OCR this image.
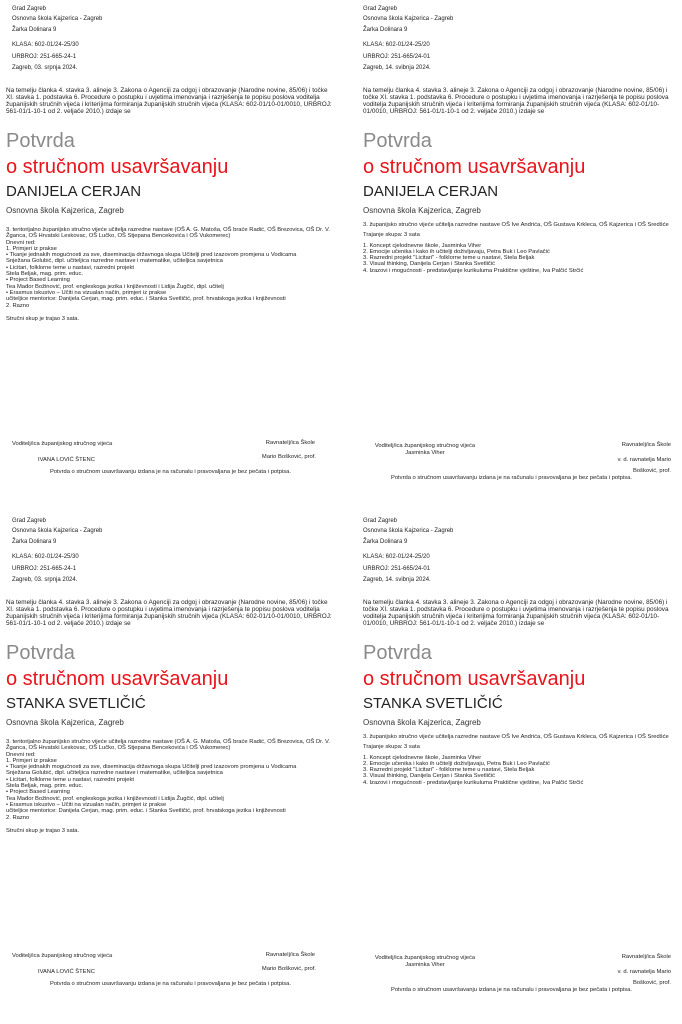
Grad Zagreb
Osnovna škola Kajzerica - Zagreb
Žarka Dolinara 9
KLASA: 602-01/24-25/30
URBROJ: 251-665-24-1
Zagreb, 03. srpnja 2024.
Na temelju članka 4. stavka 3. alineje 3. Zakona o Agenciji za odgoj i obrazovanje (Narodne novine, 85/06) i točke XI. stavka 1. podstavka 6. Procedure o postupku i uvjetima imenovanja i razrješenja te popisu poslova voditelja županijskih stručnih vijeća i kriterijima formiranja županijskih stručnih vijeća (KLASA: 602-01/10-01/0010, URBROJ: 561-01/1-10-1 od 2. veljače 2010.) izdaje se
Potvrda
o stručnom usavršavanju
DANIJELA CERJAN
Osnovna škola Kajzerica, Zagreb
3. teritorijalno županijsko stručno vijeće učitelja razredne nastave (OŠ A. G. Matoša, OŠ braće Radić, OŠ Brezovica, OŠ Dr. V. Žganca, OŠ Hrvatski Leskovac, OŠ Lučko, OŠ Stjepana Bencekovića i OŠ Vukomerec)
Dnevni red:
1. Primjeri iz prakse
• Tkanje jednakih mogućnosti za sve, diseminacija državnoga skupa Učitelji pred izazovom promjena u Vodicama
Snježana Golubić, dipl. učiteljica razredne nastave i matematike, učiteljica savjetnica
• Licitari, folklorne teme u nastavi, razredni projekt
Stela Beljak, mag. prim. educ.
• Project Based Learning
Tea Mađor Božinović, prof. engleskoga jezika i književnosti i Lidija Žugčić, dipl. učitelj
• Erasmus iskustvo – Učiti na vizualan način, primjeri iz prakse
učiteljice mentorice: Danijela Cerjan, mag. prim. educ. i Stanka Svetličić, prof. hrvatskoga jezika i književnosti
2. Razno
Stručni skup je trajao 3 sata.
Voditelj/ica županijskog stručnog vijeća
IVANA LOVIĆ ŠTENC
Ravnatelj/ica Škole
Mario Bošković, prof.
Potvrda o stručnom usavršavanju izdana je na računalu i pravovaljana je bez pečata i potpisa.
Grad Zagreb
Osnovna škola Kajzerica - Zagreb
Žarka Dolinara 9
KLASA: 602-01/24-25/20
URBROJ: 251-665/24-01
Zagreb, 14. svibnja 2024.
Na temelju članka 4. stavka 3. alineje 3. Zakona o Agenciji za odgoj i obrazovanje (Narodne novine, 85/06) i točke XI. stavka 1. podstavka 6. Procedure o postupku i uvjetima imenovanja i razrješenja te popisu poslova voditelja županijskih stručnih vijeća i kriterijima formiranja županijskih stručnih vijeća (KLASA: 602-01/10-01/0010, URBROJ: 561-01/1-10-1 od 2. veljače 2010.) izdaje se
Potvrda
o stručnom usavršavanju
DANIJELA CERJAN
Osnovna škola Kajzerica, Zagreb
3. županijsko stručno vijeće učitelja razredne nastave OŠ Ive Andrića, OŠ Gustava Krkleca, OŠ Kajzerica i OŠ Sredšće
Trajanje skupa: 3 sata
1. Koncept cjelodnevne škole, Jasminka Viher
2. Emocije učenika i kako ih učitelji doživljavaju, Petra Buk i Leo Pavlačić
3. Razredni projekt "Licitari" - folklorne teme u nastavi, Stela Beljak
3. Visual thinking, Danijela Cerjan i Stanka Svetličić
4. Izazovi i mogućnosti - predstavljanje kurikuluma Praktične vještine, Iva Palčić Strčić
Voditelj/ica županijskog stručnog vijeća
Jasminka Viher
Ravnatelj/ica Škole
v. d. ravnatelja Mario Bošković, prof.
Potvrda o stručnom usavršavanju izdana je na računalu i pravovaljana je bez pečata i potpisa.
Grad Zagreb
Osnovna škola Kajzerica - Zagreb
Žarka Dolinara 9
KLASA: 602-01/24-25/30
URBROJ: 251-665-24-1
Zagreb, 03. srpnja 2024.
Na temelju članka 4. stavka 3. alineje 3. Zakona o Agenciji za odgoj i obrazovanje (Narodne novine, 85/06) i točke XI. stavka 1. podstavka 6. Procedure o postupku i uvjetima imenovanja i razrješenja te popisu poslova voditelja županijskih stručnih vijeća i kriterijima formiranja županijskih stručnih vijeća (KLASA: 602-01/10-01/0010, URBROJ: 561-01/1-10-1 od 2. veljače 2010.) izdaje se
Potvrda
o stručnom usavršavanju
STANKA SVETLIČIĆ
Osnovna škola Kajzerica, Zagreb
3. teritorijalno županijsko stručno vijeće učitelja razredne nastave (OŠ A. G. Matoša, OŠ braće Radić, OŠ Brezovica, OŠ Dr. V. Žganca, OŠ Hrvatski Leskovac, OŠ Lučko, OŠ Stjepana Bencekovića i OŠ Vukomerec)
Dnevni red:
1. Primjeri iz prakse
• Tkanje jednakih mogućnosti za sve, diseminacija državnoga skupa Učitelji pred izazovom promjena u Vodicama
Snježana Golubić, dipl. učiteljica razredne nastave i matematike, učiteljica savjetnica
• Licitari, folklorne teme u nastavi, razredni projekt
Stela Beljak, mag. prim. educ.
• Project Based Learning
Tea Mađor Božinović, prof. engleskoga jezika i književnosti i Lidija Žugčić, dipl. učitelj
• Erasmus iskustvo – Učiti na vizualan način, primjeri iz prakse
učiteljice mentorice: Danijela Cerjan, mag. prim. educ. i Stanka Svetličić, prof. hrvatskoga jezika i književnosti
2. Razno
Stručni skup je trajao 3 sata.
Voditelj/ica županijskog stručnog vijeća
IVANA LOVIĆ ŠTENC
Ravnatelj/ica Škole
Mario Bošković, prof.
Potvrda o stručnom usavršavanju izdana je na računalu i pravovaljana je bez pečata i potpisa.
Grad Zagreb
Osnovna škola Kajzerica - Zagreb
Žarka Dolinara 9
KLASA: 602-01/24-25/20
URBROJ: 251-665/24-01
Zagreb, 14. svibnja 2024.
Na temelju članka 4. stavka 3. alineje 3. Zakona o Agenciji za odgoj i obrazovanje (Narodne novine, 85/06) i točke XI. stavka 1. podstavka 6. Procedure o postupku i uvjetima imenovanja i razrješenja te popisu poslova voditelja županijskih stručnih vijeća i kriterijima formiranja županijskih stručnih vijeća (KLASA: 602-01/10-01/0010, URBROJ: 561-01/1-10-1 od 2. veljače 2010.) izdaje se
Potvrda
o stručnom usavršavanju
STANKA SVETLIČIĆ
Osnovna škola Kajzerica, Zagreb
3. županijsko stručno vijeće učitelja razredne nastave OŠ Ive Andrića, OŠ Gustava Krkleca, OŠ Kajzerica i OŠ Sredšće
Trajanje skupa: 3 sata
1. Koncept cjelodnevne škole, Jasminka Viher
2. Emocije učenika i kako ih učitelji doživljavaju, Petra Buk i Leo Pavlačić
3. Razredni projekt "Licitari" - folklorne teme u nastavi, Stela Beljak
3. Visual thinking, Danijela Cerjan i Stanka Svetličić
4. Izazovi i mogućnosti - predstavljanje kurikuluma Praktične vještine, Iva Palčić Strčić
Voditelj/ica županijskog stručnog vijeća
Jasminka Viher
Ravnatelj/ica Škole
v. d. ravnatelja Mario Bošković, prof.
Potvrda o stručnom usavršavanju izdana je na računalu i pravovaljana je bez pečata i potpisa.
